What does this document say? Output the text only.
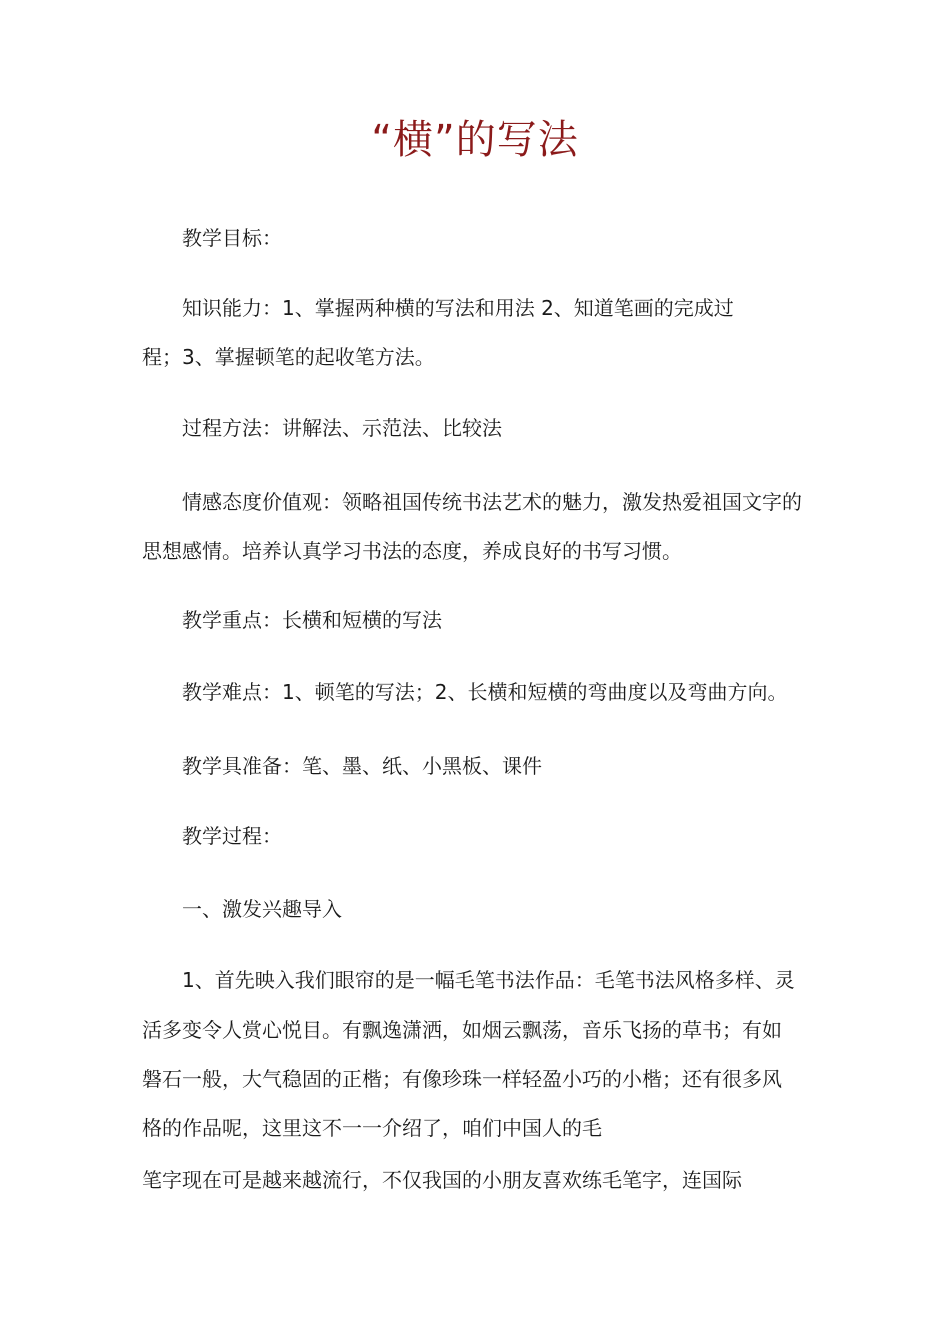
“横”的写法
教学目标：
知识能力：1、掌握两种横的写法和用法 2、知道笔画的完成过
程；3、掌握顿笔的起收笔方法。
过程方法：讲解法、示范法、比较法
情感态度价值观：领略祖国传统书法艺术的魅力，激发热爱祖国文字的
思想感情。培养认真学习书法的态度，养成良好的书写习惯。
教学重点：长横和短横的写法
教学难点：1、顿笔的写法；2、长横和短横的弯曲度以及弯曲方向。
教学具准备：笔、墨、纸、小黑板、课件
教学过程：
一、激发兴趣导入
1、首先映入我们眼帘的是一幅毛笔书法作品：毛笔书法风格多样、灵
活多变令人赏心悦目。有飘逸潇洒，如烟云飘荡，音乐飞扬的草书；有如
磐石一般，大气稳固的正楷；有像珍珠一样轻盈小巧的小楷；还有很多风
格的作品呢，这里这不一一介绍了，咱们中国人的毛
笔字现在可是越来越流行，不仅我国的小朋友喜欢练毛笔字，连国际
